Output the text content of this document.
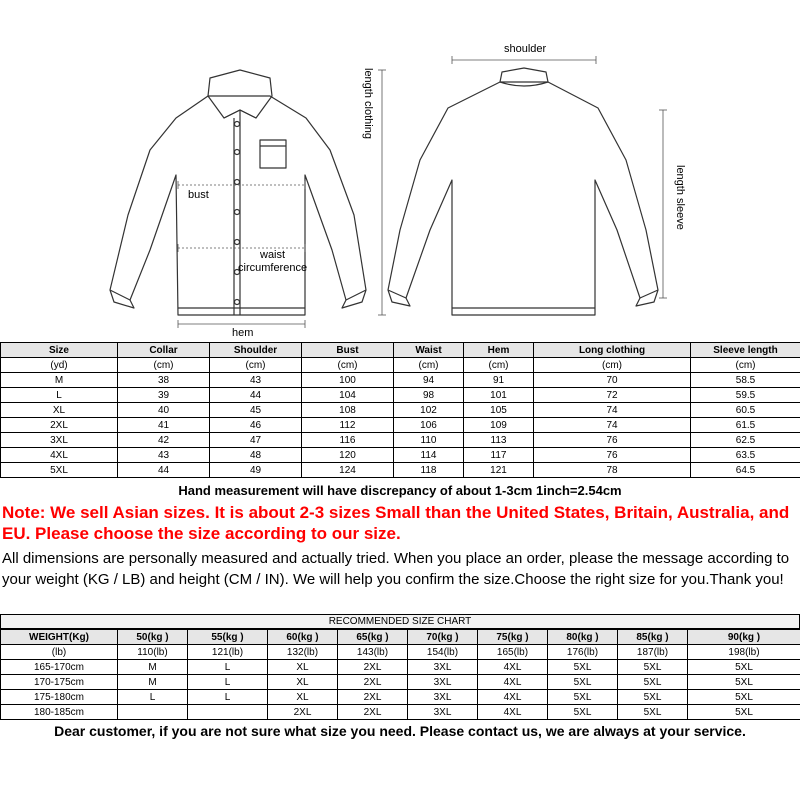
shoulder
length clothing
length sleeve
bust
waist
circumference
hem
Size	Collar	Shoulder	Bust	Waist	Hem	Long clothing	Sleeve length
(yd)	(cm)	(cm)	(cm)	(cm)	(cm)	(cm)	(cm)
M	38	43	100	94	91	70	58.5
L	39	44	104	98	101	72	59.5
XL	40	45	108	102	105	74	60.5
2XL	41	46	112	106	109	74	61.5
3XL	42	47	116	110	113	76	62.5
4XL	43	48	120	114	117	76	63.5
5XL	44	49	124	118	121	78	64.5
Hand measurement will have discrepancy of about 1-3cm 1inch=2.54cm
Note: We sell Asian sizes. It is about 2-3 sizes Small than the United States, Britain, Australia, and EU. Please choose the size according to our size.
All dimensions are personally measured and actually tried. When you place an order, please the message according to your weight (KG / LB) and height (CM / IN). We will help you confirm the size.Choose the right size for you.Thank you!
RECOMMENDED SIZE CHART
WEIGHT(Kg)	50(kg )	55(kg )	60(kg )	65(kg )	70(kg )	75(kg )	80(kg )	85(kg )	90(kg )
(lb)	110(lb)	121(lb)	132(lb)	143(lb)	154(lb)	165(lb)	176(lb)	187(lb)	198(lb)
165-170cm	M	L	XL	2XL	3XL	4XL	5XL	5XL	5XL
170-175cm	M	L	XL	2XL	3XL	4XL	5XL	5XL	5XL
175-180cm	L	L	XL	2XL	3XL	4XL	5XL	5XL	5XL
180-185cm			2XL	2XL	3XL	4XL	5XL	5XL	5XL
Dear customer, if you are not sure what size you need. Please contact us, we are always at your service.
